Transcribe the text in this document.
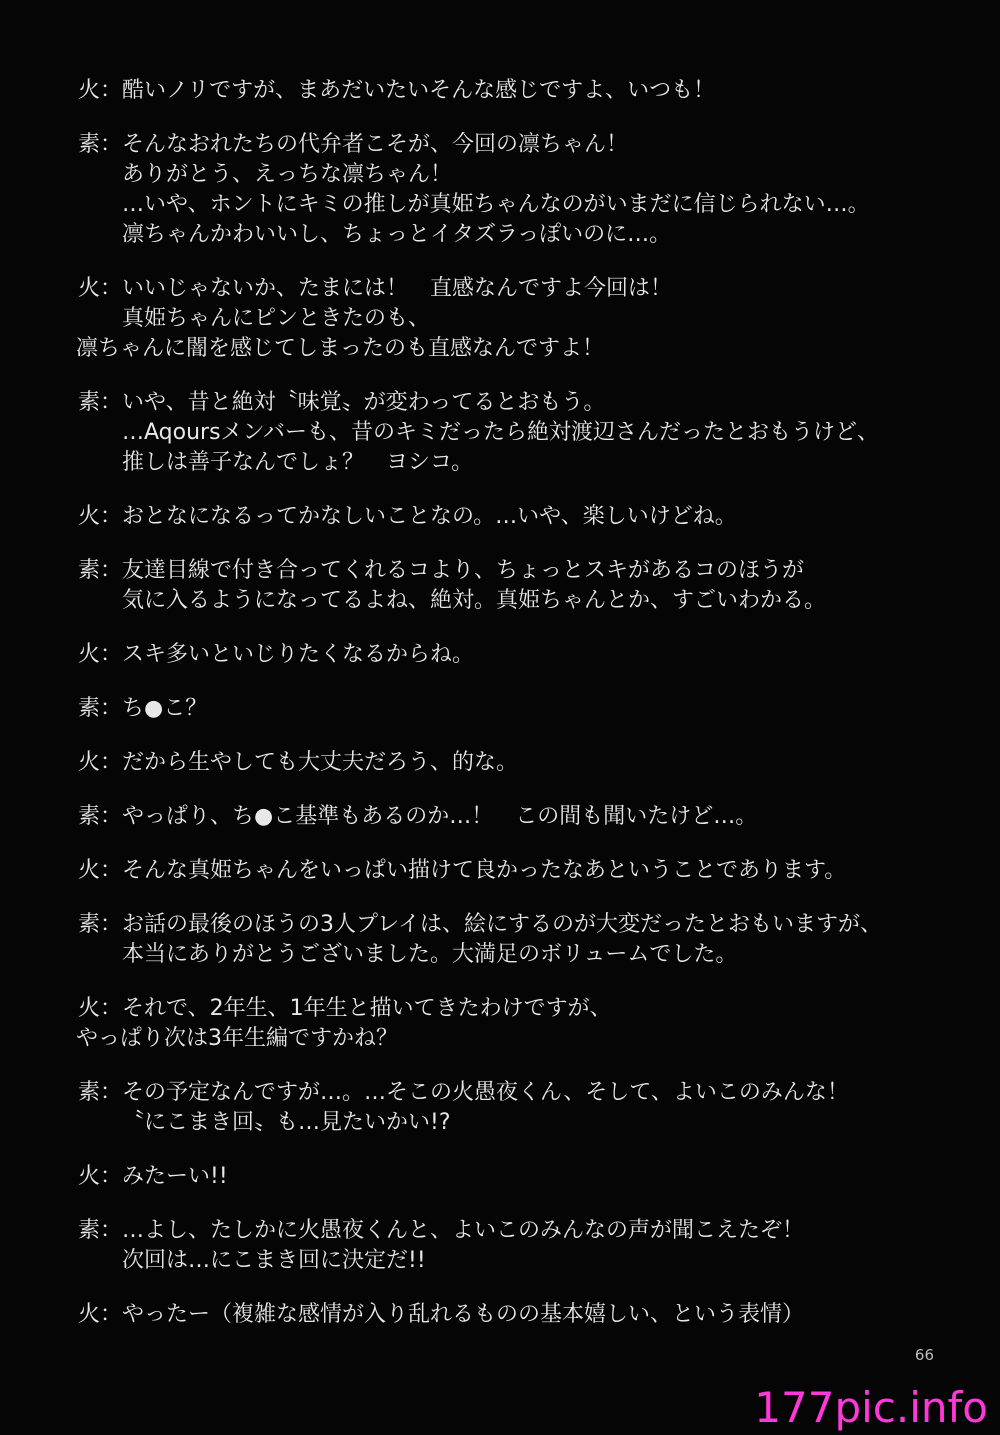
火： 酷いノリですが、まあだいたいそんな感じですよ、いつも！
素： そんなおれたちの代弁者こそが、今回の凛ちゃん！
ありがとう、えっちな凛ちゃん！
…いや、ホントにキミの推しが真姫ちゃんなのがいまだに信じられない…。
凛ちゃんかわいいし、ちょっとイタズラっぽいのに…。
火： いいじゃないか、たまには！　直感なんですよ今回は！
真姫ちゃんにピンときたのも、
凛ちゃんに闇を感じてしまったのも直感なんですよ！
素： いや、昔と絶対〝味覚〟が変わってるとおもう。
…Aqoursメンバーも、昔のキミだったら絶対渡辺さんだったとおもうけど、
推しは善子なんでしょ？　ヨシコ。
火： おとなになるってかなしいことなの。…いや、楽しいけどね。
素： 友達目線で付き合ってくれるコより、ちょっとスキがあるコのほうが
気に入るようになってるよね、絶対。真姫ちゃんとか、すごいわかる。
火： スキ多いといじりたくなるからね。
素： ち●こ？
火： だから生やしても大丈夫だろう、的な。
素： やっぱり、ち●こ基準もあるのか…！　この間も聞いたけど…。
火： そんな真姫ちゃんをいっぱい描けて良かったなあということであります。
素： お話の最後のほうの3人プレイは、絵にするのが大変だったとおもいますが、
本当にありがとうございました。大満足のボリュームでした。
火： それで、2年生、1年生と描いてきたわけですが、
やっぱり次は3年生編ですかね？
素： その予定なんですが…。…そこの火愚夜くん、そして、よいこのみんな！
〝にこまき回〟も…見たいかい!?
火： みたーい!!
素： …よし、たしかに火愚夜くんと、よいこのみんなの声が聞こえたぞ！
次回は…にこまき回に決定だ!!
火： やったー（複雑な感情が入り乱れるものの基本嬉しい、という表情）
66
177pic.info
